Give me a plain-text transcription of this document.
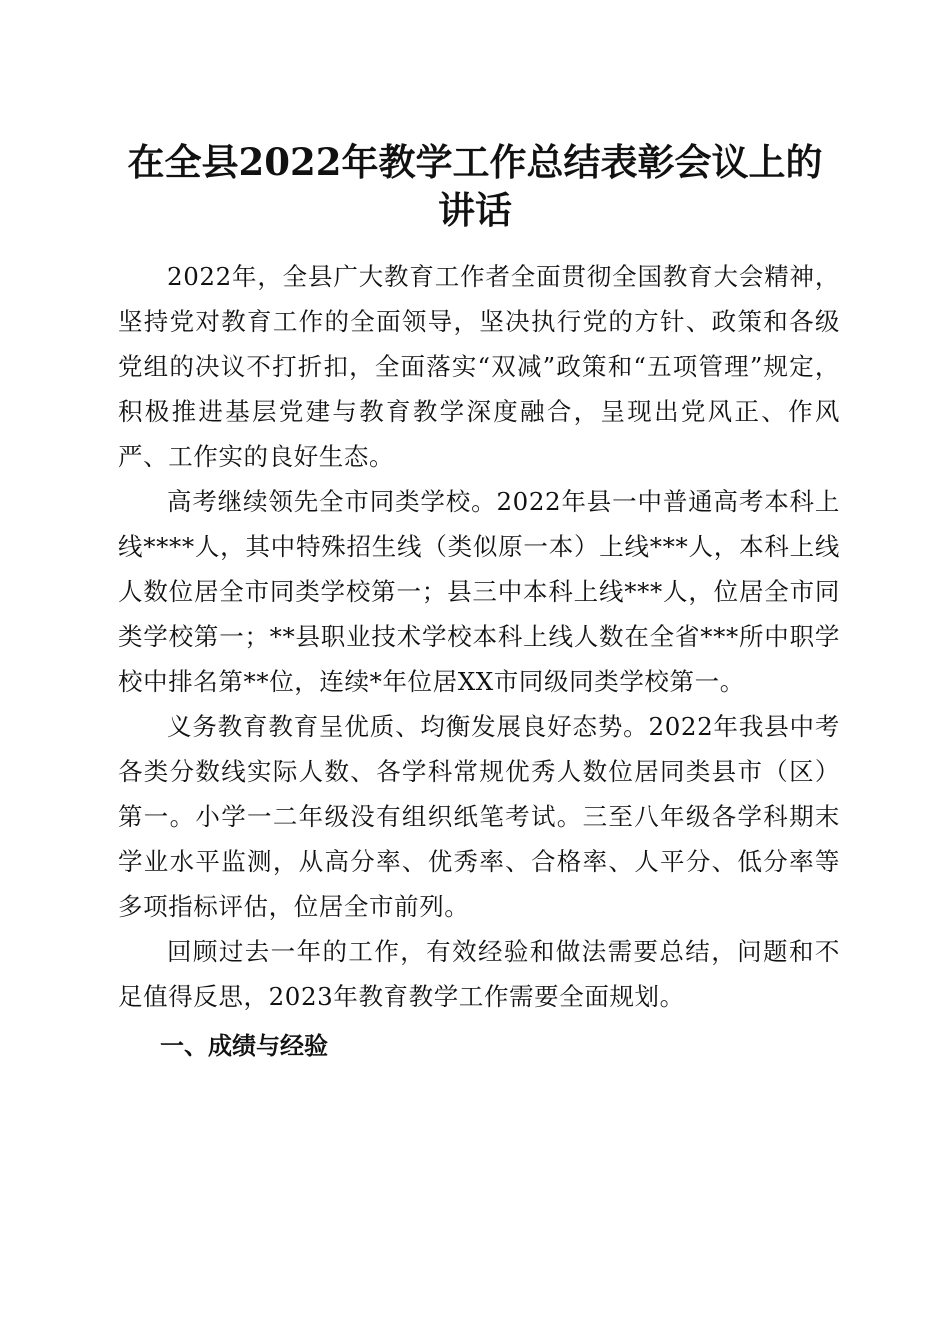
在全县2022年教学工作总结表彰会议上的讲话

2022年，全县广大教育工作者全面贯彻全国教育大会精神，坚持党对教育工作的全面领导，坚决执行党的方针、政策和各级党组的决议不打折扣，全面落实“双减”政策和“五项管理”规定，积极推进基层党建与教育教学深度融合，呈现出党风正、作风严、工作实的良好生态。

高考继续领先全市同类学校。2022年县一中普通高考本科上线****人，其中特殊招生线（类似原一本）上线***人，本科上线人数位居全市同类学校第一；县三中本科上线***人，位居全市同类学校第一；**县职业技术学校本科上线人数在全省***所中职学校中排名第**位，连续*年位居XX市同级同类学校第一。

义务教育教育呈优质、均衡发展良好态势。2022年我县中考各类分数线实际人数、各学科常规优秀人数位居同类县市（区）第一。小学一二年级没有组织纸笔考试。三至八年级各学科期末学业水平监测，从高分率、优秀率、合格率、人平分、低分率等多项指标评估，位居全市前列。

回顾过去一年的工作，有效经验和做法需要总结，问题和不足值得反思，2023年教育教学工作需要全面规划。

一、成绩与经验
